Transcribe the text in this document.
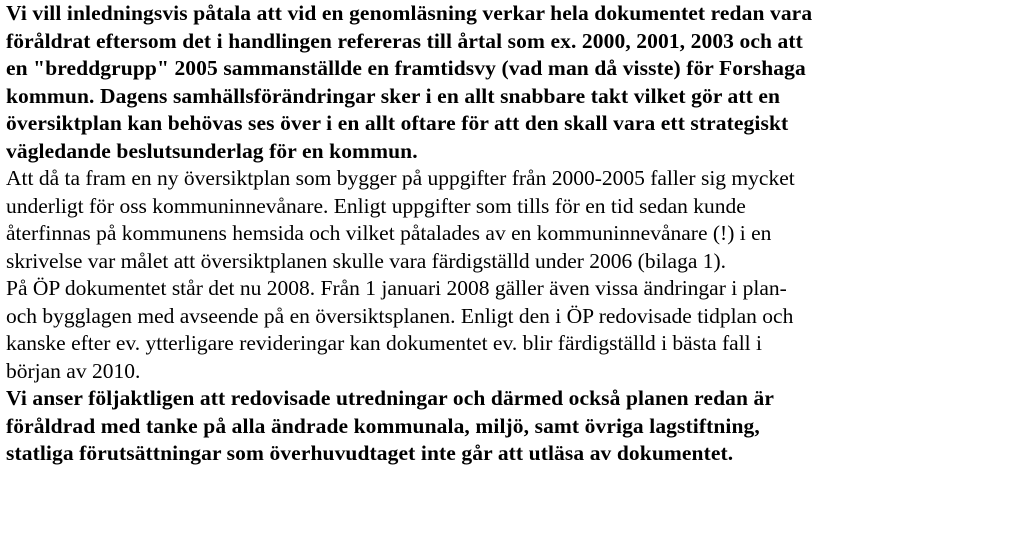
Vi vill inledningsvis påtala att vid en genomläsning verkar hela dokumentet redan vara
föråldrat eftersom det i handlingen refereras till årtal som ex. 2000, 2001, 2003 och att
en "breddgrupp" 2005 sammanställde en framtidsvy (vad man då visste) för Forshaga
kommun. Dagens samhällsförändringar sker i en allt snabbare takt vilket gör att en
översiktplan kan behövas ses över i en allt oftare för att den skall vara ett strategiskt
vägledande beslutsunderlag för en kommun.

Att då ta fram en ny översiktplan som bygger på uppgifter från 2000-2005 faller sig mycket
underligt för oss kommuninnevånare. Enligt uppgifter som tills för en tid sedan kunde
återfinnas på kommunens hemsida och vilket påtalades av en kommuninnevånare (!) i en
skrivelse var målet att översiktplanen skulle vara färdigställd under 2006 (bilaga 1).

På ÖP dokumentet står det nu 2008. Från 1 januari 2008 gäller även vissa ändringar i plan-
och bygglagen med avseende på en översiktsplanen. Enligt den i ÖP redovisade tidplan och
kanske efter ev. ytterligare revideringar kan dokumentet ev. blir färdigställd i bästa fall i
början av 2010.

Vi anser följaktligen att redovisade utredningar och därmed också planen redan är
föråldrad med tanke på alla ändrade kommunala, miljö, samt övriga lagstiftning,
statliga förutsättningar som överhuvudtaget inte går att utläsa av dokumentet.
